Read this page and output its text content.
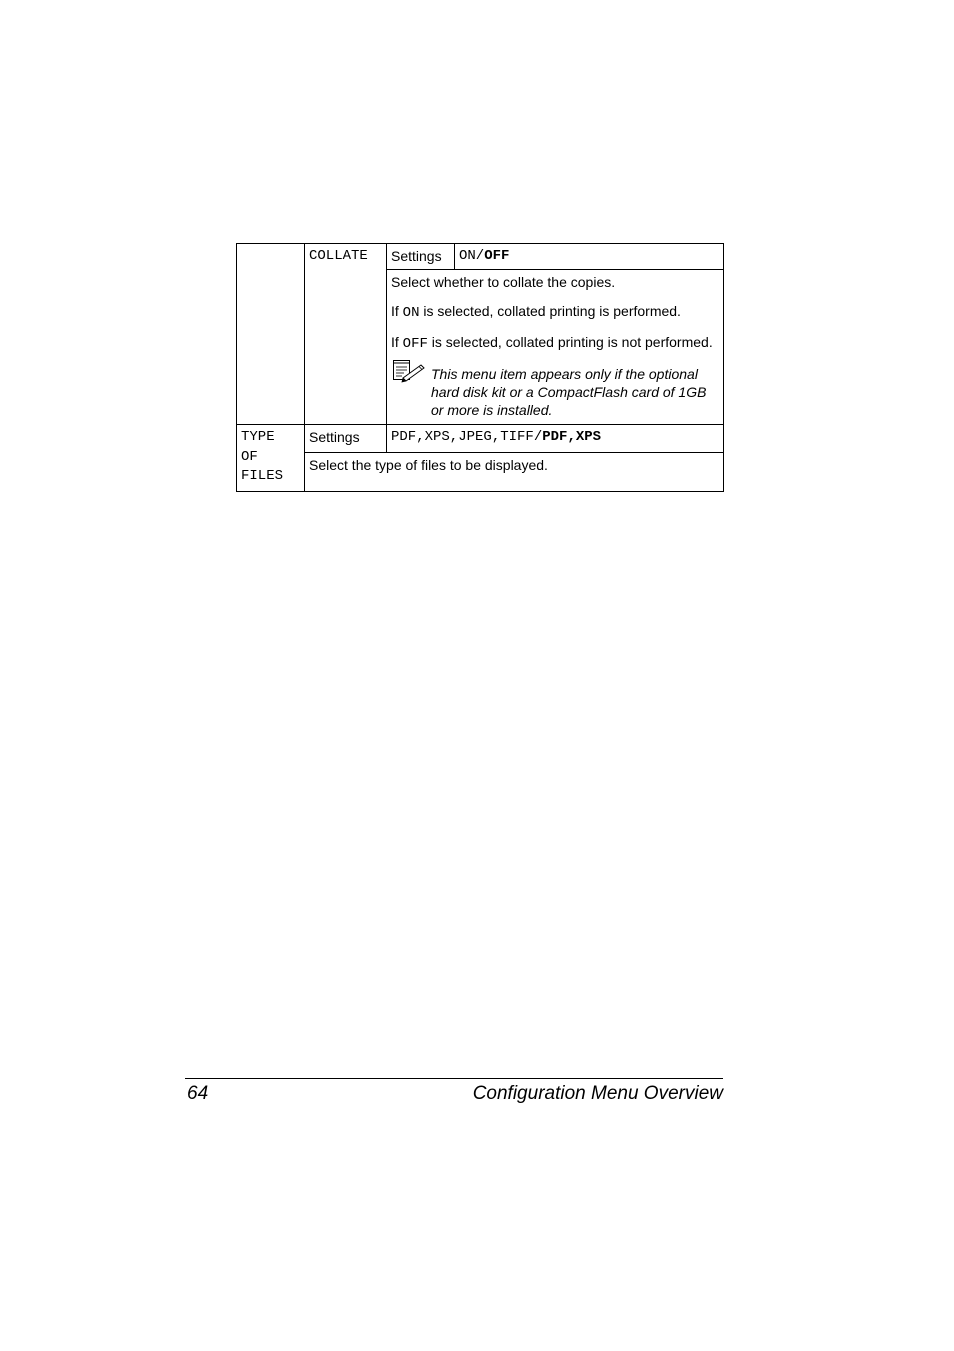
	COLLATE	Settings	ON/OFF

		Select whether to collate the copies.

If ON is selected, collated printing is performed.

If OFF is selected, collated printing is not performed.

This menu item appears only if the optional hard disk kit or a CompactFlash card of 1GB or more is installed.	

TYPE
OF
FILES	Settings	PDF,XPS,JPEG,TIFF/PDF,XPS	
	Select the type of files to be displayed.		
64	Configuration Menu Overview
